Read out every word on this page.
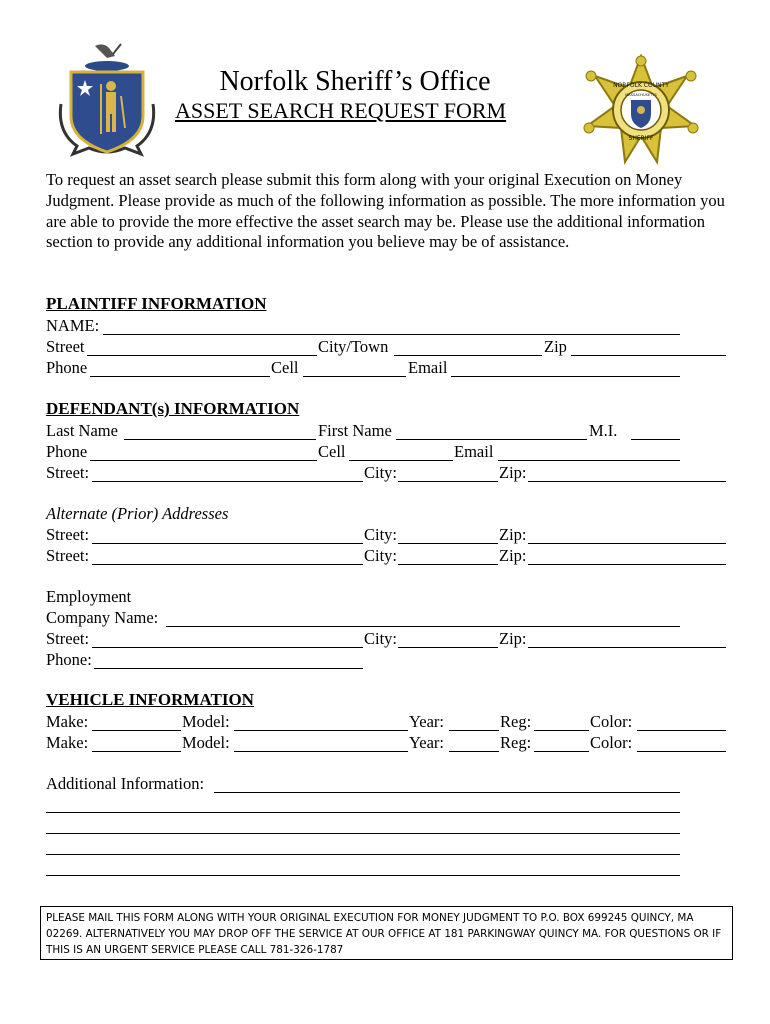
NORFOLK COUNTY
SHERIFF
MASSACHUSETTS
Norfolk Sheriff’s Office
ASSET SEARCH REQUEST FORM
To request an asset search please submit this form along with your original Execution on Money Judgment. Please provide as much of the following information as possible. The more information you are able to provide the more effective the asset search may be. Please use the additional information section to provide any additional information you believe may be of assistance.
PLAINTIFF INFORMATION
NAME:
Street	City/Town	Zip
Phone	Cell	Email
DEFENDANT(s) INFORMATION
Last Name	First Name	M.I.
Phone	Cell	Email
Street:	City:	Zip:
Alternate (Prior) Addresses
Street:	City:	Zip:
Street:	City:	Zip:
Employment
Company Name:
Street:	City:	Zip:
Phone:
VEHICLE INFORMATION
Make:	Model:	Year:	Reg:	Color:
Make:	Model:	Year:	Reg:	Color:
Additional Information:
PLEASE MAIL THIS FORM ALONG WITH YOUR ORIGINAL EXECUTION FOR MONEY JUDGMENT TO P.O. BOX 699245 QUINCY, MA 02269. ALTERNATIVELY YOU MAY DROP OFF THE SERVICE AT OUR OFFICE AT 181 PARKINGWAY QUINCY MA. FOR QUESTIONS OR IF THIS IS AN URGENT SERVICE PLEASE CALL 781-326-1787
